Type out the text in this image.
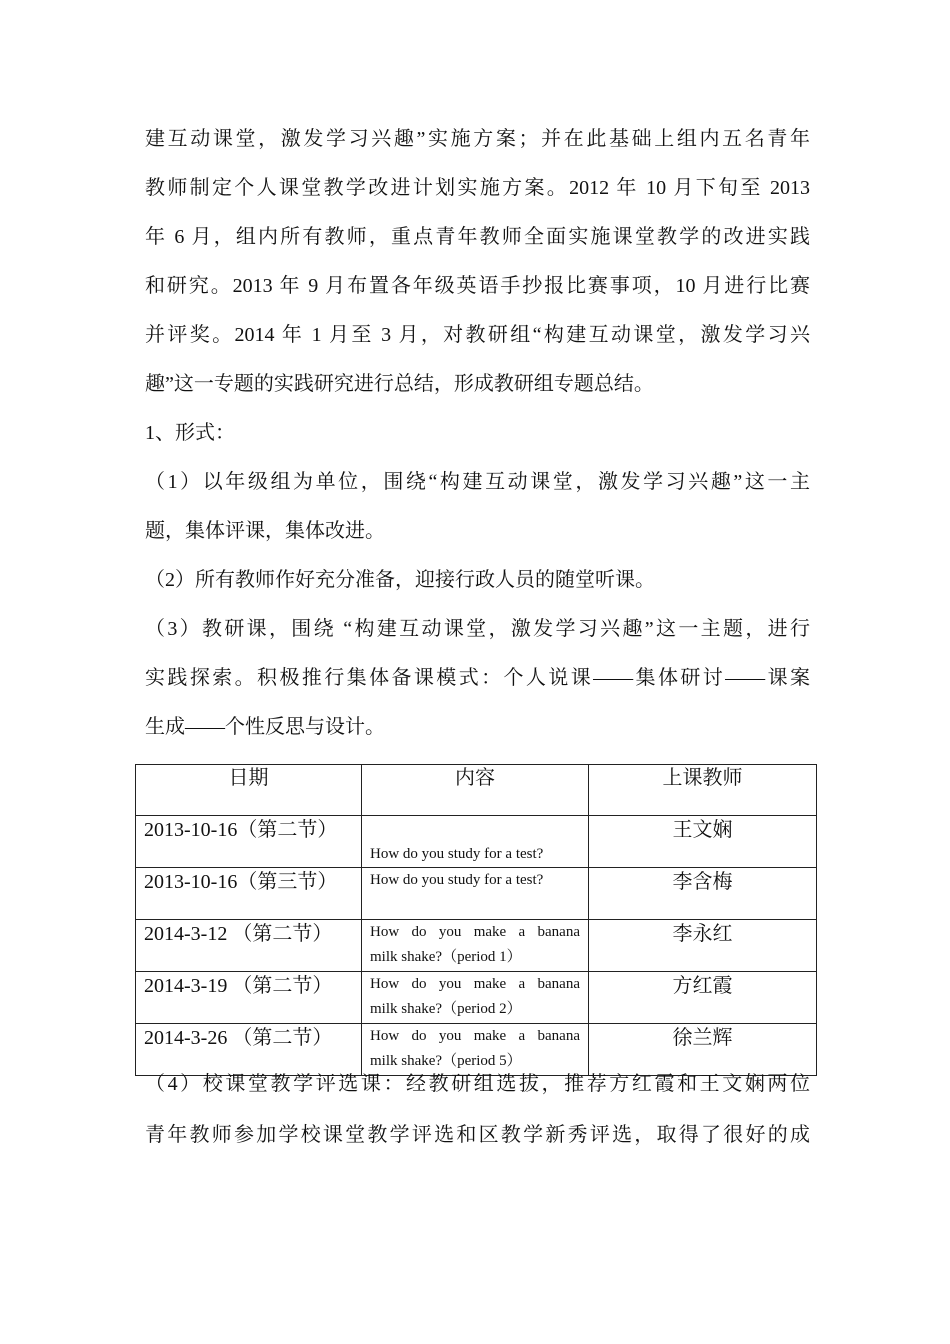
建互动课堂，激发学习兴趣”实施方案；并在此基础上组内五名青年
教师制定个人课堂教学改进计划实施方案。2012 年 10 月下旬至 2013
年 6 月，组内所有教师，重点青年教师全面实施课堂教学的改进实践
和研究。2013 年 9 月布置各年级英语手抄报比赛事项，10 月进行比赛
并评奖。2014 年 1 月至 3 月，对教研组“构建互动课堂，激发学习兴
趣”这一专题的实践研究进行总结，形成教研组专题总结。
1、形式：
（1）以年级组为单位，围绕“构建互动课堂，激发学习兴趣”这一主
题，集体评课，集体改进。
（2）所有教师作好充分准备，迎接行政人员的随堂听课。
（3）教研课，围绕 “构建互动课堂，激发学习兴趣”这一主题，进行
实践探索。积极推行集体备课模式：个人说课——集体研讨——课案
生成——个性反思与设计。
日期	内容	上课教师
2013-10-16（第二节）	How do you study for a test?	王文娴
2013-10-16（第三节）	How do you study for a test?	李含梅
2014-3-12 （第二节）	How do you make a banana
milk shake?（period 1）	李永红
2014-3-19 （第二节）	How do you make a banana
milk shake?（period 2）	方红霞
2014-3-26 （第二节）	How do you make a banana
milk shake?（period 5）	徐兰辉
（4）校课堂教学评选课：经教研组选拔，推荐方红霞和王文娴两位
青年教师参加学校课堂教学评选和区教学新秀评选，取得了很好的成
